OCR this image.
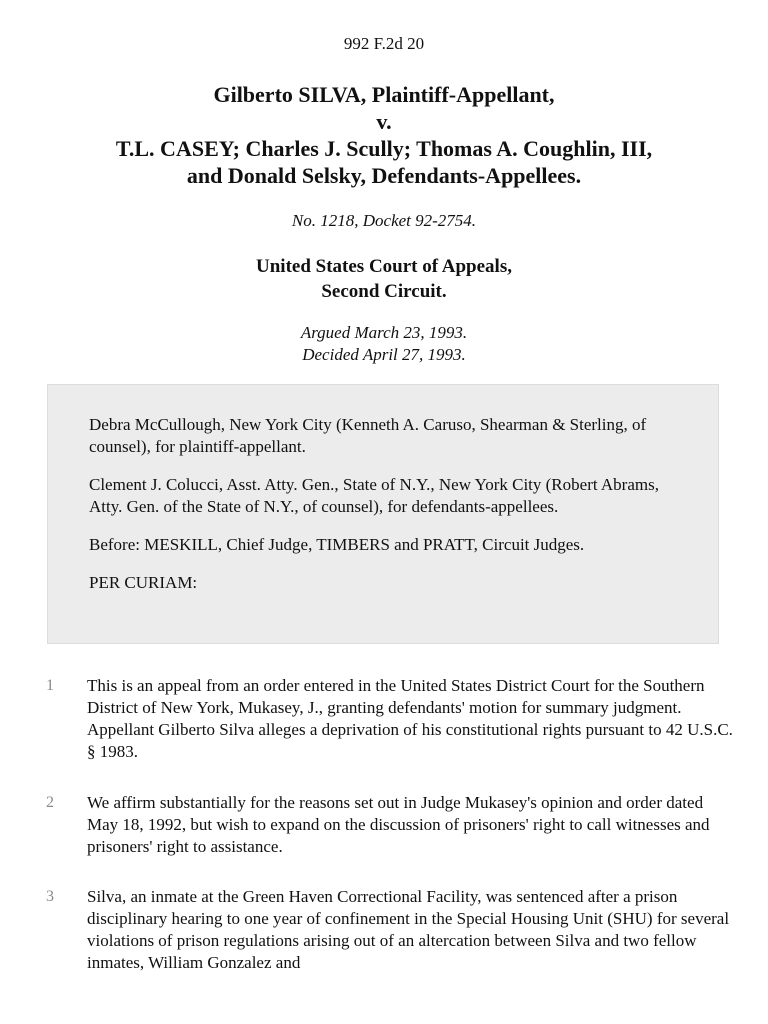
992 F.2d 20
Gilberto SILVA, Plaintiff-Appellant,
v.
T.L. CASEY; Charles J. Scully; Thomas A. Coughlin, III,
and Donald Selsky, Defendants-Appellees.
No. 1218, Docket 92-2754.
United States Court of Appeals,
Second Circuit.
Argued March 23, 1993.
Decided April 27, 1993.

Debra McCullough, New York City (Kenneth A. Caruso, Shearman & Sterling, of counsel), for plaintiff-appellant.

Clement J. Colucci, Asst. Atty. Gen., State of N.Y., New York City (Robert Abrams, Atty. Gen. of the State of N.Y., of counsel), for defendants-appellees.

Before: MESKILL, Chief Judge, TIMBERS and PRATT, Circuit Judges.

PER CURIAM:

1 This is an appeal from an order entered in the United States District Court for the Southern District of New York, Mukasey, J., granting defendants' motion for summary judgment. Appellant Gilberto Silva alleges a deprivation of his constitutional rights pursuant to 42 U.S.C. § 1983.

2 We affirm substantially for the reasons set out in Judge Mukasey's opinion and order dated May 18, 1992, but wish to expand on the discussion of prisoners' right to call witnesses and prisoners' right to assistance.

3 Silva, an inmate at the Green Haven Correctional Facility, was sentenced after a prison disciplinary hearing to one year of confinement in the Special Housing Unit (SHU) for several violations of prison regulations arising out of an altercation between Silva and two fellow inmates, William Gonzalez and
